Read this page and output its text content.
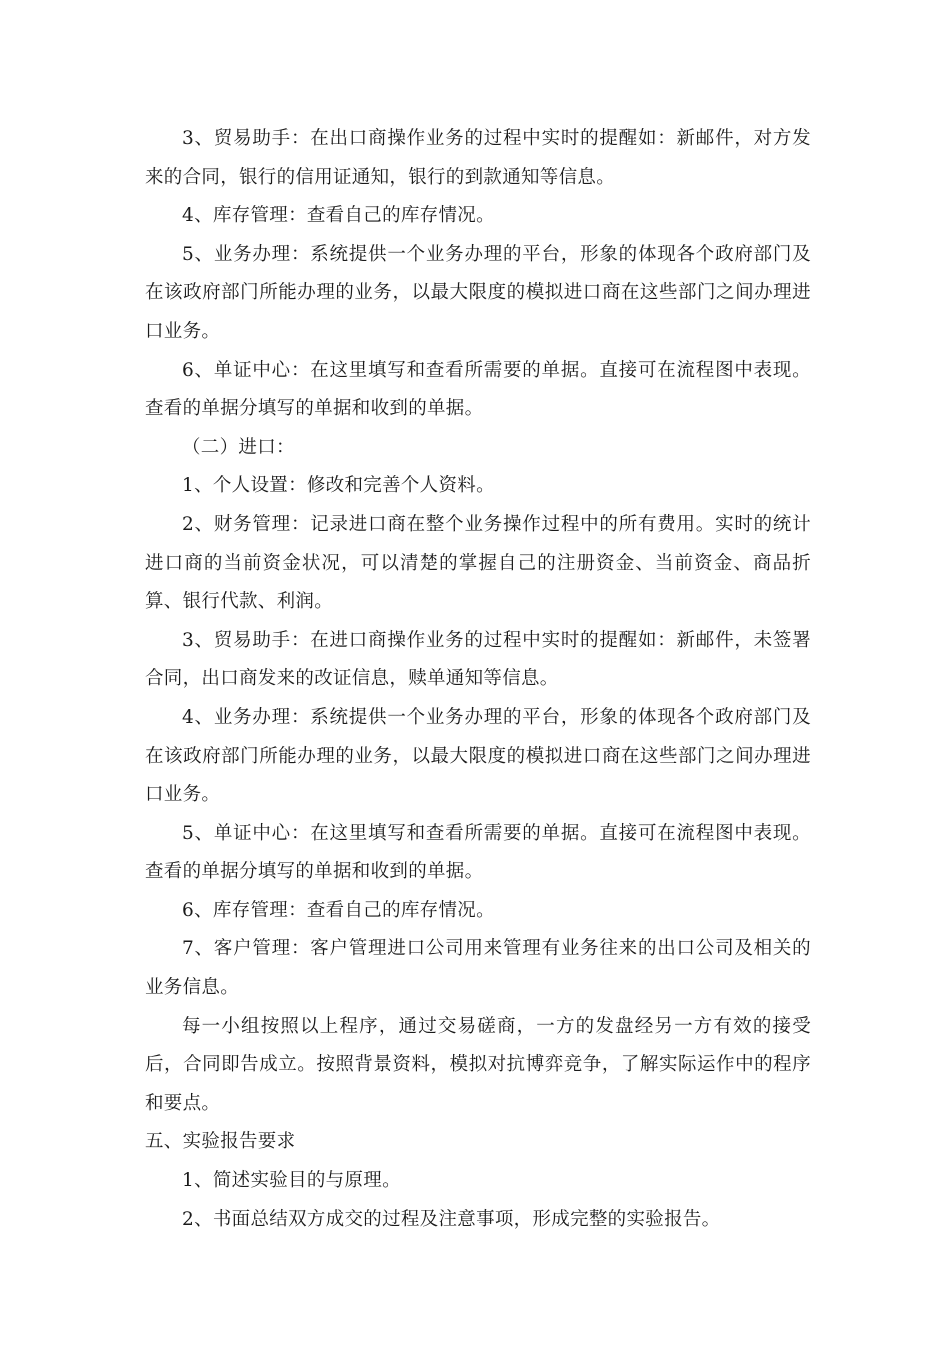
3、贸易助手：在出口商操作业务的过程中实时的提醒如：新邮件，对方发来的合同，银行的信用证通知，银行的到款通知等信息。

4、库存管理：查看自己的库存情况。

5、业务办理：系统提供一个业务办理的平台，形象的体现各个政府部门及在该政府部门所能办理的业务，以最大限度的模拟进口商在这些部门之间办理进口业务。

6、单证中心：在这里填写和查看所需要的单据。直接可在流程图中表现。查看的单据分填写的单据和收到的单据。

（二）进口：

1、个人设置：修改和完善个人资料。

2、财务管理：记录进口商在整个业务操作过程中的所有费用。实时的统计进口商的当前资金状况，可以清楚的掌握自己的注册资金、当前资金、商品折算、银行代款、利润。

3、贸易助手：在进口商操作业务的过程中实时的提醒如：新邮件，未签署合同，出口商发来的改证信息，赎单通知等信息。

4、业务办理：系统提供一个业务办理的平台，形象的体现各个政府部门及在该政府部门所能办理的业务，以最大限度的模拟进口商在这些部门之间办理进口业务。

5、单证中心：在这里填写和查看所需要的单据。直接可在流程图中表现。查看的单据分填写的单据和收到的单据。

6、库存管理：查看自己的库存情况。

7、客户管理：客户管理进口公司用来管理有业务往来的出口公司及相关的业务信息。

每一小组按照以上程序，通过交易磋商，一方的发盘经另一方有效的接受后，合同即告成立。按照背景资料，模拟对抗博弈竞争，了解实际运作中的程序和要点。

五、实验报告要求

1、简述实验目的与原理。

2、书面总结双方成交的过程及注意事项，形成完整的实验报告。
